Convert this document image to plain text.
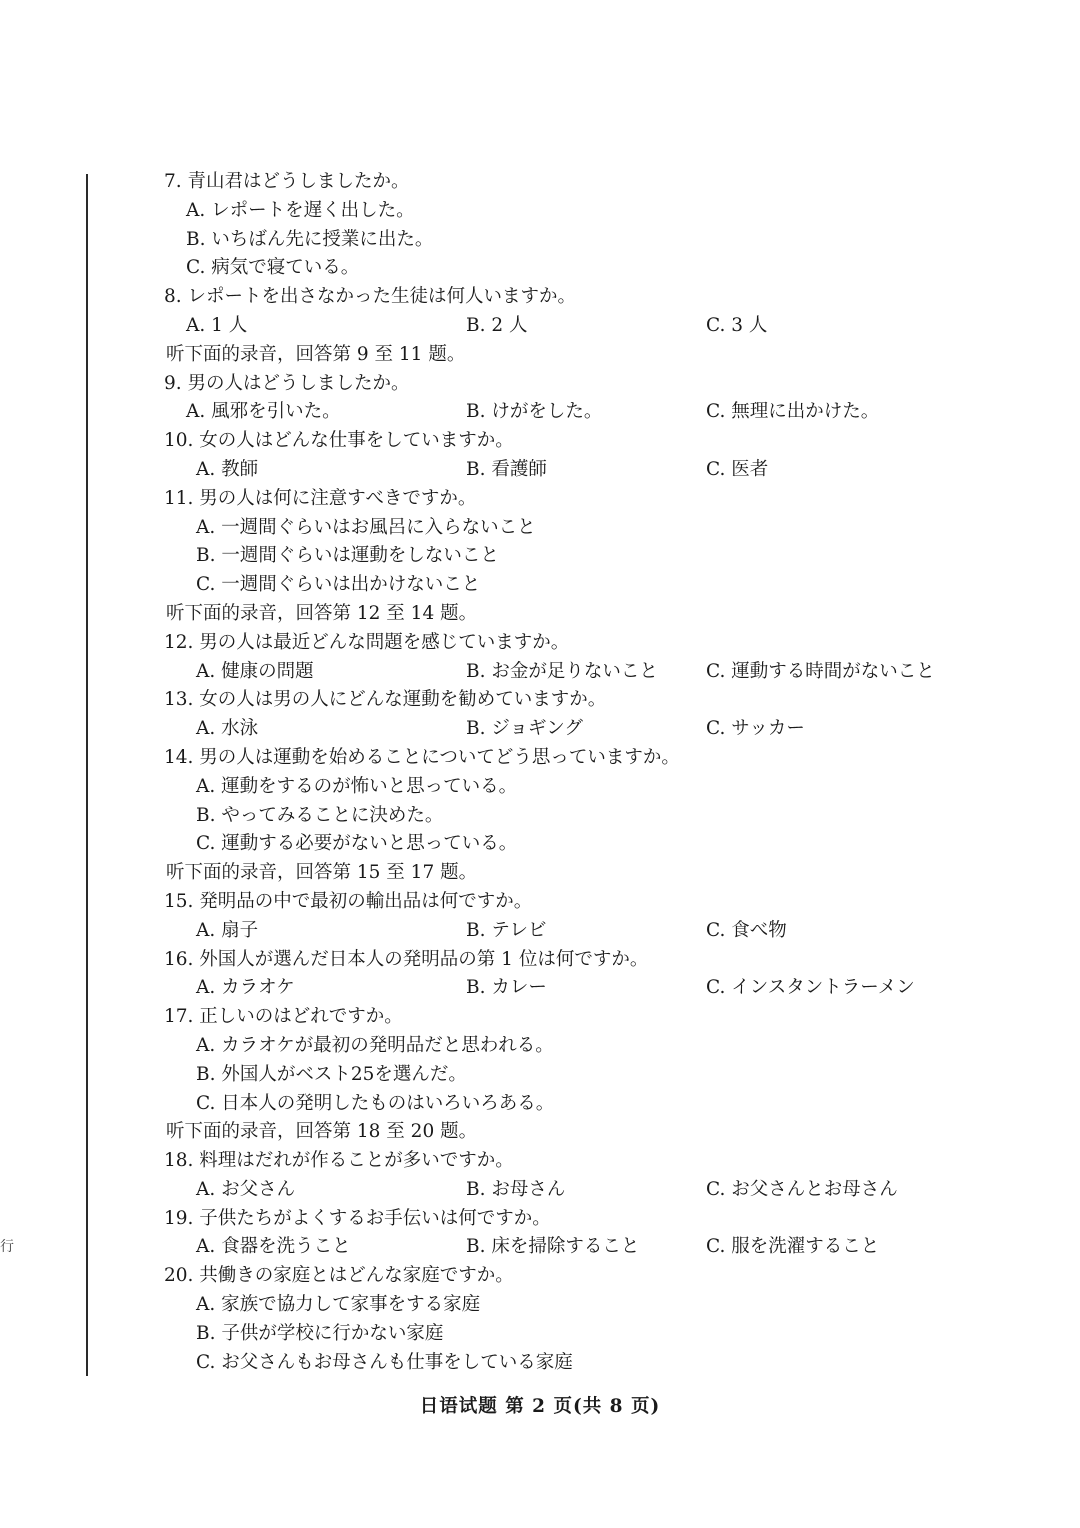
行
7. 青山君はどうしましたか。
A. レポートを遅く出した。
B. いちばん先に授業に出た。
C. 病気で寝ている。
8. レポートを出さなかった生徒は何人いますか。
A. 1 人	B. 2 人	C. 3 人
听下面的录音，回答第 9 至 11 题。
9. 男の人はどうしましたか。
A. 風邪を引いた。	B. けがをした。	C. 無理に出かけた。
10. 女の人はどんな仕事をしていますか。
A. 教師	B. 看護師	C. 医者
11. 男の人は何に注意すべきですか。
A. 一週間ぐらいはお風呂に入らないこと
B. 一週間ぐらいは運動をしないこと
C. 一週間ぐらいは出かけないこと
听下面的录音，回答第 12 至 14 题。
12. 男の人は最近どんな問題を感じていますか。
A. 健康の問題	B. お金が足りないこと	C. 運動する時間がないこと
13. 女の人は男の人にどんな運動を勧めていますか。
A. 水泳	B. ジョギング	C. サッカー
14. 男の人は運動を始めることについてどう思っていますか。
A. 運動をするのが怖いと思っている。
B. やってみることに決めた。
C. 運動する必要がないと思っている。
听下面的录音，回答第 15 至 17 题。
15. 発明品の中で最初の輸出品は何ですか。
A. 扇子	B. テレビ	C. 食べ物
16. 外国人が選んだ日本人の発明品の第 1 位は何ですか。
A. カラオケ	B. カレー	C. インスタントラーメン
17. 正しいのはどれですか。
A. カラオケが最初の発明品だと思われる。
B. 外国人がベスト25を選んだ。
C. 日本人の発明したものはいろいろある。
听下面的录音，回答第 18 至 20 题。
18. 料理はだれが作ることが多いですか。
A. お父さん	B. お母さん	C. お父さんとお母さん
19. 子供たちがよくするお手伝いは何ですか。
A. 食器を洗うこと	B. 床を掃除すること	C. 服を洗濯すること
20. 共働きの家庭とはどんな家庭ですか。
A. 家族で協力して家事をする家庭
B. 子供が学校に行かない家庭
C. お父さんもお母さんも仕事をしている家庭
日语试题 第 2 页(共 8 页)
